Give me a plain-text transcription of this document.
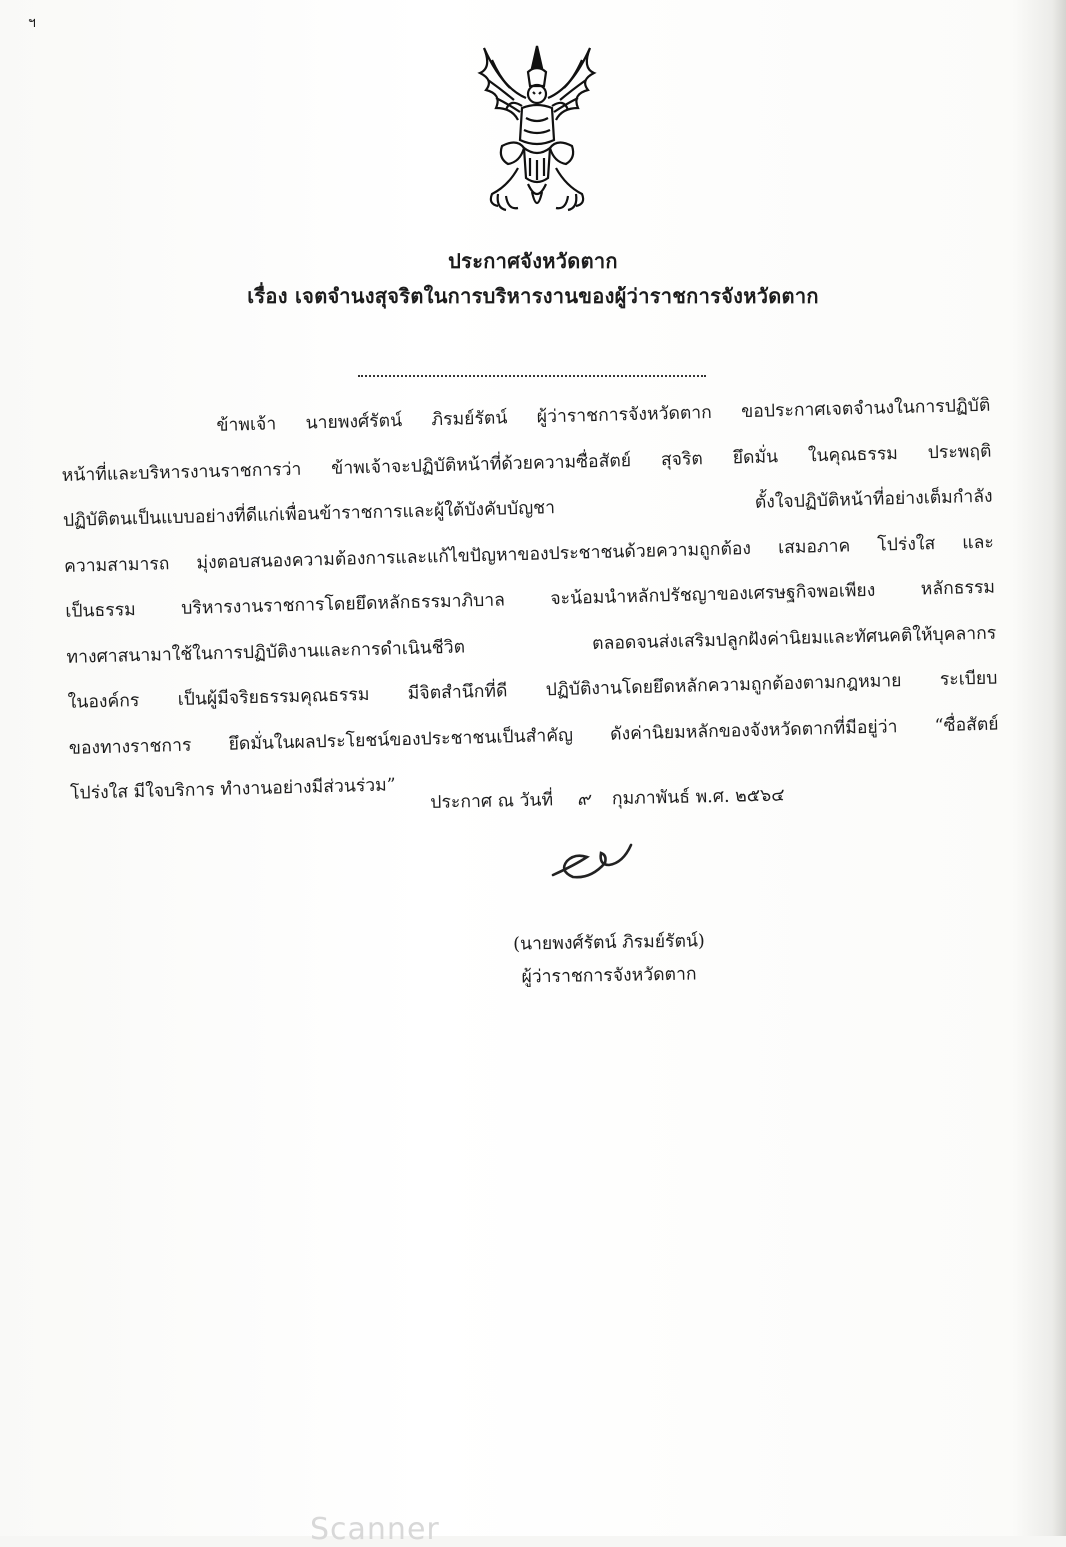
ฯ
ประกาศจังหวัดตาก
เรื่อง เจตจำนงสุจริตในการบริหารงานของผู้ว่าราชการจังหวัดตาก
ข้าพเจ้า นายพงศ์รัตน์ ภิรมย์รัตน์ ผู้ว่าราชการจังหวัดตาก ขอประกาศเจตจำนงในการปฏิบัติ
หน้าที่และบริหารงานราชการว่า ข้าพเจ้าจะปฏิบัติหน้าที่ด้วยความซื่อสัตย์ สุจริต ยึดมั่น ในคุณธรรม ประพฤติ
ปฏิบัติตนเป็นแบบอย่างที่ดีแก่เพื่อนข้าราชการและผู้ใต้บังคับบัญชา ตั้งใจปฏิบัติหน้าที่อย่างเต็มกำลัง
ความสามารถ มุ่งตอบสนองความต้องการและแก้ไขปัญหาของประชาชนด้วยความถูกต้อง เสมอภาค โปร่งใส และ
เป็นธรรม บริหารงานราชการโดยยึดหลักธรรมาภิบาล จะน้อมนำหลักปรัชญาของเศรษฐกิจพอเพียง หลักธรรม
ทางศาสนามาใช้ในการปฏิบัติงานและการดำเนินชีวิต ตลอดจนส่งเสริมปลูกฝังค่านิยมและทัศนคติให้บุคลากร
ในองค์กร เป็นผู้มีจริยธรรมคุณธรรม มีจิตสำนึกที่ดี ปฏิบัติงานโดยยึดหลักความถูกต้องตามกฎหมาย ระเบียบ
ของทางราชการ ยึดมั่นในผลประโยชน์ของประชาชนเป็นสำคัญ ดังค่านิยมหลักของจังหวัดตากที่มีอยู่ว่า “ซื่อสัตย์
โปร่งใส มีใจบริการ ทำงานอย่างมีส่วนร่วม”	ประกาศ ณ วันที่ ๙ กุมภาพันธ์ พ.ศ. ๒๕๖๔
(นายพงศ์รัตน์ ภิรมย์รัตน์)
ผู้ว่าราชการจังหวัดตาก
Scanner
